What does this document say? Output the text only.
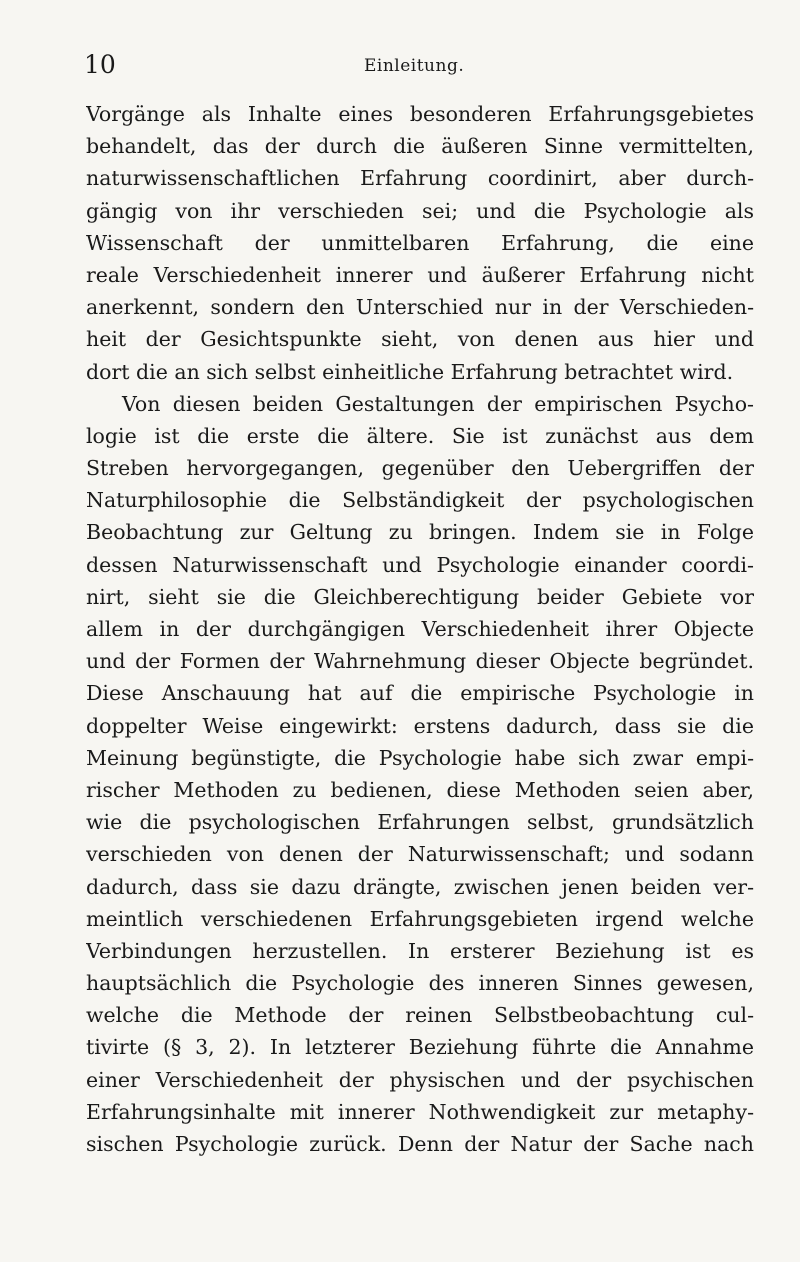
10	Einleitung.
Vorgänge als Inhalte eines besonderen Erfahrungsgebietes
behandelt, das der durch die äußeren Sinne vermittelten,
naturwissenschaftlichen Erfahrung coordinirt, aber durch-
gängig von ihr verschieden sei; und die Psychologie als
Wissenschaft der unmittelbaren Erfahrung, die eine
reale Verschiedenheit innerer und äußerer Erfahrung nicht
anerkennt, sondern den Unterschied nur in der Verschieden-
heit der Gesichtspunkte sieht, von denen aus hier und
dort die an sich selbst einheitliche Erfahrung betrachtet wird.
Von diesen beiden Gestaltungen der empirischen Psycho-
logie ist die erste die ältere. Sie ist zunächst aus dem
Streben hervorgegangen, gegenüber den Uebergriffen der
Naturphilosophie die Selbständigkeit der psychologischen
Beobachtung zur Geltung zu bringen. Indem sie in Folge
dessen Naturwissenschaft und Psychologie einander coordi-
nirt, sieht sie die Gleichberechtigung beider Gebiete vor
allem in der durchgängigen Verschiedenheit ihrer Objecte
und der Formen der Wahrnehmung dieser Objecte begründet.
Diese Anschauung hat auf die empirische Psychologie in
doppelter Weise eingewirkt: erstens dadurch, dass sie die
Meinung begünstigte, die Psychologie habe sich zwar empi-
rischer Methoden zu bedienen, diese Methoden seien aber,
wie die psychologischen Erfahrungen selbst, grundsätzlich
verschieden von denen der Naturwissenschaft; und sodann
dadurch, dass sie dazu drängte, zwischen jenen beiden ver-
meintlich verschiedenen Erfahrungsgebieten irgend welche
Verbindungen herzustellen. In ersterer Beziehung ist es
hauptsächlich die Psychologie des inneren Sinnes gewesen,
welche die Methode der reinen Selbstbeobachtung cul-
tivirte (§ 3, 2). In letzterer Beziehung führte die Annahme
einer Verschiedenheit der physischen und der psychischen
Erfahrungsinhalte mit innerer Nothwendigkeit zur metaphy-
sischen Psychologie zurück. Denn der Natur der Sache nach
